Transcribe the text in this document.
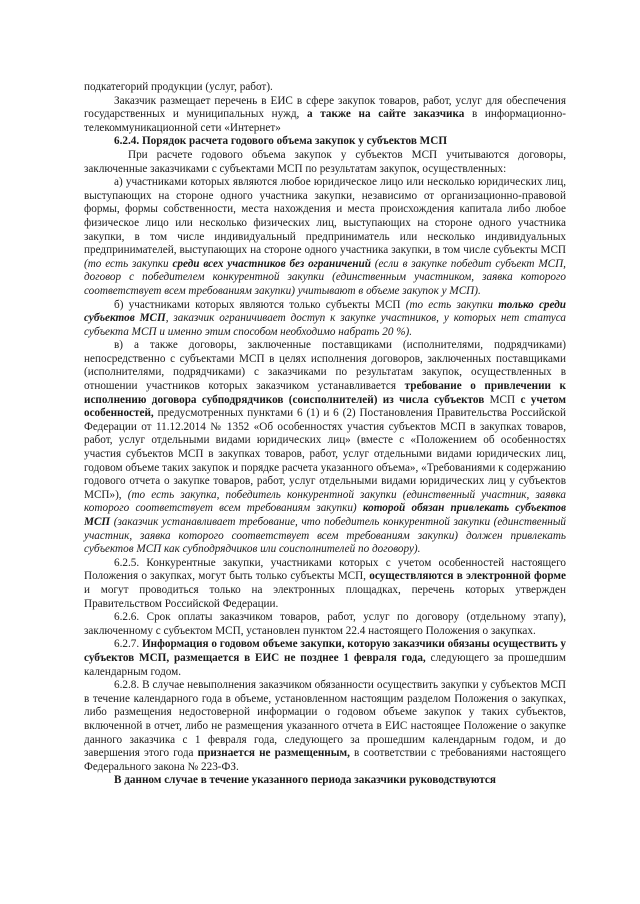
подкатегорий продукции (услуг, работ).

Заказчик размещает перечень в ЕИС в сфере закупок товаров, работ, услуг для обеспечения государственных и муниципальных нужд, а также на сайте заказчика в информационно-телекоммуникационной сети «Интернет»

6.2.4. Порядок расчета годового объема закупок у субъектов МСП

При расчете годового объема закупок у субъектов МСП учитываются договоры, заключенные заказчиками с субъектами МСП по результатам закупок, осуществленных:

а) участниками которых являются любое юридическое лицо или несколько юридических лиц, выступающих на стороне одного участника закупки, независимо от организационно-правовой формы, формы собственности, места нахождения и места происхождения капитала либо любое физическое лицо или несколько физических лиц, выступающих на стороне одного участника закупки, в том числе индивидуальный предприниматель или несколько индивидуальных предпринимателей, выступающих на стороне одного участника закупки, в том числе субъекты МСП (то есть закупки среди всех участников без ограничений (если в закупке победит субъект МСП, договор с победителем конкурентной закупки (единственным участником, заявка которого соответствует всем требованиям закупки) учитывают в объеме закупок у МСП).

б) участниками которых являются только субъекты МСП (то есть закупки только среди субъектов МСП, заказчик ограничивает доступ к закупке участников, у которых нет статуса субъекта МСП и именно этим способом необходимо набрать 20 %).

в) а также договоры, заключенные поставщиками (исполнителями, подрядчиками) непосредственно с субъектами МСП в целях исполнения договоров, заключенных поставщиками (исполнителями, подрядчиками) с заказчиками по результатам закупок, осуществленных в отношении участников которых заказчиком устанавливается требование о привлечении к исполнению договора субподрядчиков (соисполнителей) из числа субъектов МСП с учетом особенностей, предусмотренных пунктами 6 (1) и 6 (2) Постановления Правительства Российской Федерации от 11.12.2014 № 1352 «Об особенностях участия субъектов МСП в закупках товаров, работ, услуг отдельными видами юридических лиц» (вместе с «Положением об особенностях участия субъектов МСП в закупках товаров, работ, услуг отдельными видами юридических лиц, годовом объеме таких закупок и порядке расчета указанного объема», «Требованиями к содержанию годового отчета о закупке товаров, работ, услуг отдельными видами юридических лиц у субъектов МСП»), (то есть закупка, победитель конкурентной закупки (единственный участник, заявка которого соответствует всем требованиям закупки) которой обязан привлекать субъектов МСП (заказчик устанавливает требование, что победитель конкурентной закупки (единственный участник, заявка которого соответствует всем требованиям закупки) должен привлекать субъектов МСП как субподрядчиков или соисполнителей по договору).

6.2.5. Конкурентные закупки, участниками которых с учетом особенностей настоящего Положения о закупках, могут быть только субъекты МСП, осуществляются в электронной форме и могут проводиться только на электронных площадках, перечень которых утвержден Правительством Российской Федерации.

6.2.6. Срок оплаты заказчиком товаров, работ, услуг по договору (отдельному этапу), заключенному с субъектом МСП, установлен пунктом 22.4 настоящего Положения о закупках.

6.2.7. Информация о годовом объеме закупки, которую заказчики обязаны осуществить у субъектов МСП, размещается в ЕИС не позднее 1 февраля года, следующего за прошедшим календарным годом.

6.2.8. В случае невыполнения заказчиком обязанности осуществить закупки у субъектов МСП в течение календарного года в объеме, установленном настоящим разделом Положения о закупках, либо размещения недостоверной информации о годовом объеме закупок у таких субъектов, включенной в отчет, либо не размещения указанного отчета в ЕИС настоящее Положение о закупке данного заказчика с 1 февраля года, следующего за прошедшим календарным годом, и до завершения этого года признается не размещенным, в соответствии с требованиями настоящего Федерального закона № 223-ФЗ.

В данном случае в течение указанного периода заказчики руководствуются
